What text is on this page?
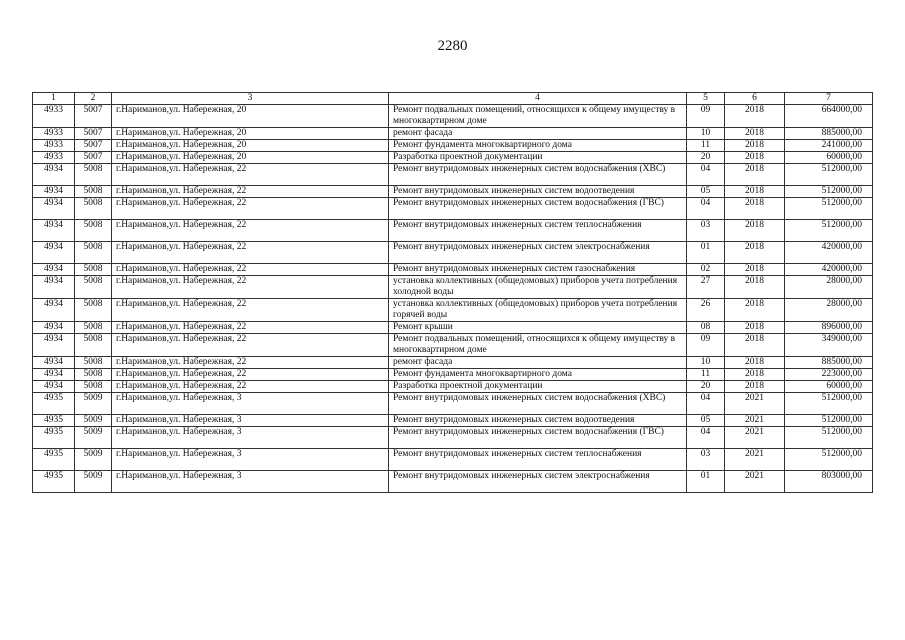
2280
1	2	3	4	5	6	7
4933	5007	г.Нариманов,ул. Набережная, 20	Ремонт подвальных помещений, относящихся к общему имуществу в многоквартирном доме	09	2018	664000,00
4933	5007	г.Нариманов,ул. Набережная, 20	ремонт фасада	10	2018	885000,00
4933	5007	г.Нариманов,ул. Набережная, 20	Ремонт фундамента многоквартирного дома	11	2018	241000,00
4933	5007	г.Нариманов,ул. Набережная, 20	Разработка проектной документации	20	2018	60000,00
4934	5008	г.Нариманов,ул. Набережная, 22	Ремонт внутридомовых инженерных систем водоснабжения (ХВС)	04	2018	512000,00
4934	5008	г.Нариманов,ул. Набережная, 22	Ремонт внутридомовых инженерных систем водоотведения	05	2018	512000,00
4934	5008	г.Нариманов,ул. Набережная, 22	Ремонт внутридомовых инженерных систем водоснабжения (ГВС)	04	2018	512000,00
4934	5008	г.Нариманов,ул. Набережная, 22	Ремонт внутридомовых инженерных систем теплоснабжения	03	2018	512000,00
4934	5008	г.Нариманов,ул. Набережная, 22	Ремонт внутридомовых инженерных систем электроснабжения	01	2018	420000,00
4934	5008	г.Нариманов,ул. Набережная, 22	Ремонт внутридомовых инженерных систем газоснабжения	02	2018	420000,00
4934	5008	г.Нариманов,ул. Набережная, 22	установка коллективных (общедомовых) приборов учета потребления холодной воды	27	2018	28000,00
4934	5008	г.Нариманов,ул. Набережная, 22	установка коллективных (общедомовых) приборов учета потребления горячей воды	26	2018	28000,00
4934	5008	г.Нариманов,ул. Набережная, 22	Ремонт крыши	08	2018	896000,00
4934	5008	г.Нариманов,ул. Набережная, 22	Ремонт подвальных помещений, относящихся к общему имуществу в многоквартирном доме	09	2018	349000,00
4934	5008	г.Нариманов,ул. Набережная, 22	ремонт фасада	10	2018	885000,00
4934	5008	г.Нариманов,ул. Набережная, 22	Ремонт фундамента многоквартирного дома	11	2018	223000,00
4934	5008	г.Нариманов,ул. Набережная, 22	Разработка проектной документации	20	2018	60000,00
4935	5009	г.Нариманов,ул. Набережная, 3	Ремонт внутридомовых инженерных систем водоснабжения (ХВС)	04	2021	512000,00
4935	5009	г.Нариманов,ул. Набережная, 3	Ремонт внутридомовых инженерных систем водоотведения	05	2021	512000,00
4935	5009	г.Нариманов,ул. Набережная, 3	Ремонт внутридомовых инженерных систем водоснабжения (ГВС)	04	2021	512000,00
4935	5009	г.Нариманов,ул. Набережная, 3	Ремонт внутридомовых инженерных систем теплоснабжения	03	2021	512000,00
4935	5009	г.Нариманов,ул. Набережная, 3	Ремонт внутридомовых инженерных систем электроснабжения	01	2021	803000,00
